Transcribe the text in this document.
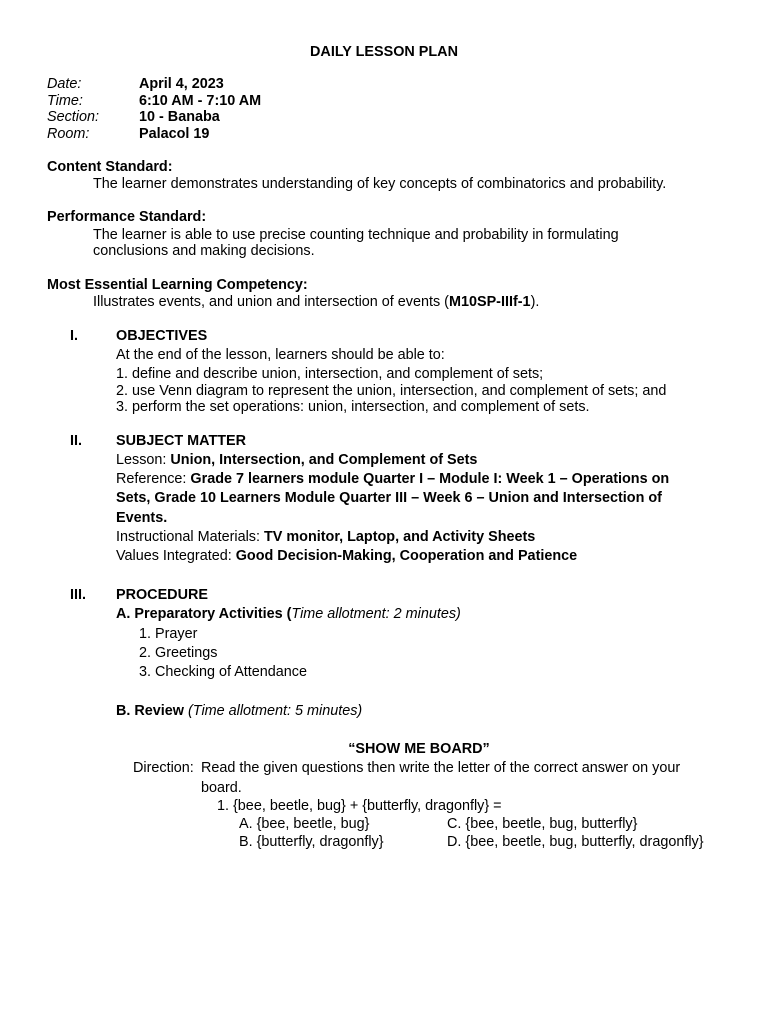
DAILY LESSON PLAN
Date:	April 4, 2023
Time:	6:10 AM - 7:10 AM
Section:	10 - Banaba
Room:	Palacol 19
Content Standard:
The learner demonstrates understanding of key concepts of combinatorics and probability.
Performance Standard:
The learner is able to use precise counting technique and probability in formulating
conclusions and making decisions.
Most Essential Learning Competency:
Illustrates events, and union and intersection of events (M10SP-IIIf-1).
I.	OBJECTIVES
At the end of the lesson, learners should be able to:
1. define and describe union, intersection, and complement of sets;
2. use Venn diagram to represent the union, intersection, and complement of sets; and
3. perform the set operations: union, intersection, and complement of sets.
II. SUBJECT MATTER
Lesson: Union, Intersection, and Complement of Sets
Reference: Grade 7 learners module Quarter I – Module I: Week 1 – Operations on
Sets, Grade 10 Learners Module Quarter III – Week 6 – Union and Intersection of
Events.
Instructional Materials: TV monitor, Laptop, and Activity Sheets
Values Integrated: Good Decision-Making, Cooperation and Patience
III. PROCEDURE
A. Preparatory Activities (Time allotment: 2 minutes)
1. Prayer
2. Greetings
3. Checking of Attendance
B. Review (Time allotment: 5 minutes)
“SHOW ME BOARD”
Direction: Read the given questions then write the letter of the correct answer on your
board.
1. {bee, beetle, bug} + {butterfly, dragonfly} =
A. {bee, beetle, bug}	C. {bee, beetle, bug, butterfly}
B. {butterfly, dragonfly}	D. {bee, beetle, bug, butterfly, dragonfly}
